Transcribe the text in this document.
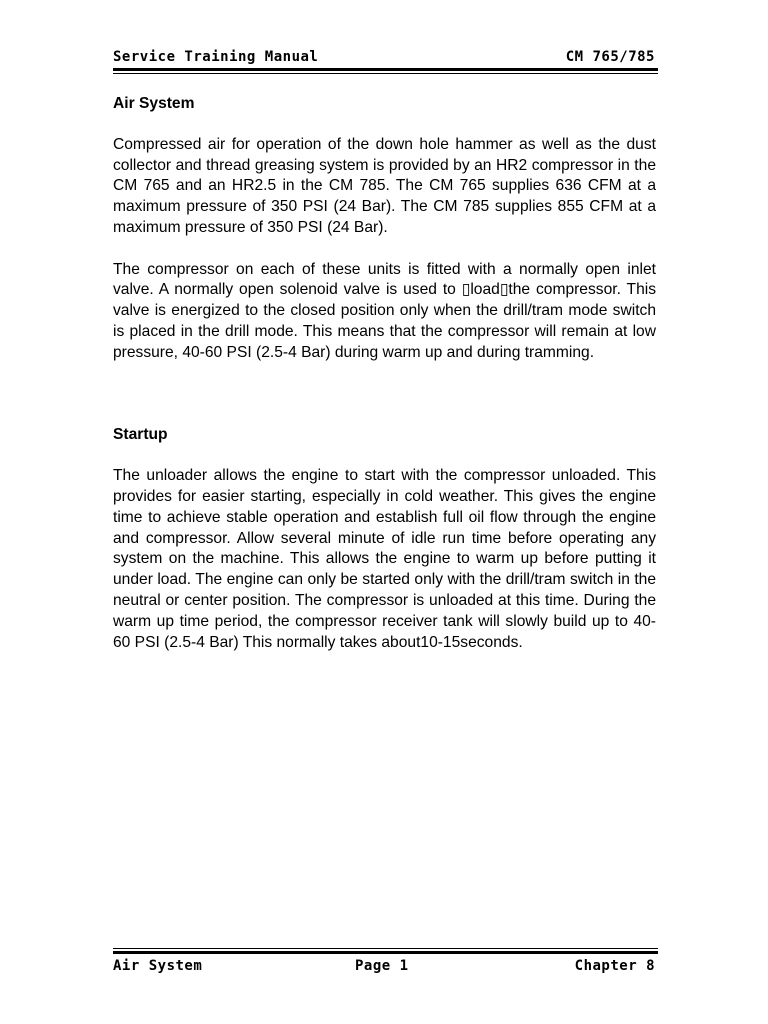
Service Training Manual	CM 765/785
Air System

Compressed air for operation of the down hole hammer as well as the dust collector and thread greasing system is provided by an HR2 compressor in the CM 765 and an HR2.5 in the CM 785. The CM 765 supplies 636 CFM at a maximum pressure of 350 PSI (24 Bar). The CM 785 supplies 855 CFM at a maximum pressure of 350 PSI (24 Bar).

The compressor on each of these units is fitted with a normally open inlet valve. A normally open solenoid valve is used to ▯load▯the compressor. This valve is energized to the closed position only when the drill/tram mode switch is placed in the drill mode. This means that the compressor will remain at low pressure, 40-60 PSI (2.5-4 Bar) during warm up and during tramming.

Startup

The unloader allows the engine to start with the compressor unloaded. This provides for easier starting, especially in cold weather. This gives the engine time to achieve stable operation and establish full oil flow through the engine and compressor. Allow several minute of idle run time before operating any system on the machine. This allows the engine to warm up before putting it under load. The engine can only be started only with the drill/tram switch in the neutral or center position. The compressor is unloaded at this time. During the warm up time period, the compressor receiver tank will slowly build up to 40-60 PSI (2.5-4 Bar) This normally takes about10-15seconds.

Air System	Page 1	Chapter 8
